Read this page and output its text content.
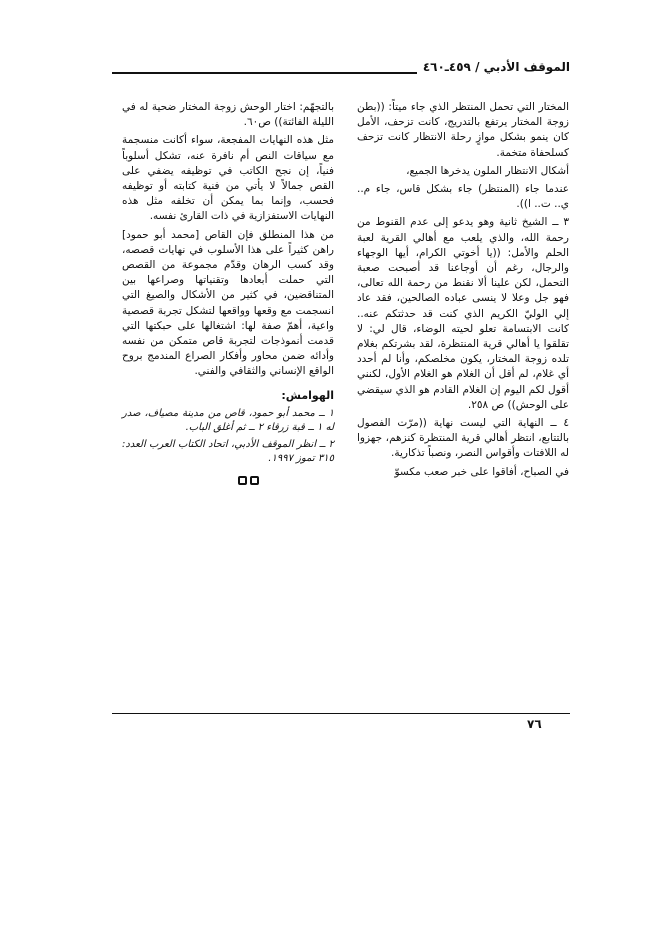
الموقف الأدبي / ٤٥٩ـ٤٦٠

المختار التي تحمل المنتظر الذي جاء ميتاً: ((بطن زوجة المختار يرتفع بالتدريج، كانت تزحف، الأمل كان ينمو بشكل موازٍ رحلة الانتظار كانت تزحف كسلحفاة متخمة.

أشكال الانتظار الملون يدخرها الجميع،

عندما جاء (المنتظر) جاء بشكل قاس، جاء م.. ي.. ت.. ا)).

٣ ــ الشيخ ثانية وهو يدعو إلى عدم القنوط من رحمة الله، والذي يلعب مع أهالي القرية لعبة الحلم والأمل: ((يا أخوتي الكرام، أيها الوجهاء والرجال، رغم أن أوجاعنا قد أصبحت صعبة التحمل، لكن علينا ألا نقنط من رحمة الله تعالى، فهو جل وعلا لا ينسى عباده الصالحين، فقد عاد إلي الوليّ الكريم الذي كنت قد حدثتكم عنه.. كانت الابتسامة تعلو لحيته الوضاء، قال لي: لا تقلقوا يا أهالي قرية المنتظرة، لقد بشرتكم بغلام تلده زوجة المختار، يكون مخلصكم، وأنا لم أحدد أي غلام، لم أقل أن الغلام هو الغلام الأول، لكنني أقول لكم اليوم إن الغلام القادم هو الذي سيقضي على الوحش)) ص ٢٥٨.

٤ ــ النهاية التي ليست نهاية ((مرّت الفصول بالتتابع، انتظر أهالي قرية المنتظرة كنزهم، جهزوا له اللافتات وأقواس النصر، ونصباً تذكارية.

في الصباح، أفاقوا على خبر صعب مكسوّ

بالتجهّم: اختار الوحش زوجة المختار ضحية له في الليلة الفائتة)) ص٦٠.

مثل هذه النهايات المفجعة، سواء أكانت منسجمة مع سياقات النص أم نافرة عنه، تشكل أسلوباً فنياً، إن نجح الكاتب في توظيفه يضفي على القص جمالاً لا يأتي من فنية كتابته أو توظيفه فحسب، وإنما بما يمكن أن تخلفه مثل هذه النهايات الاستفزازية في ذات القارئ نفسه.

من هذا المنطلق فإن القاص [محمد أبو حمود] راهن كثيراً على هذا الأسلوب في نهايات قصصه، وقد كسب الرهان وقدّم مجموعة من القصص التي حملت أبعادها وتقنياتها وصراعها بين المتناقضين، في كثير من الأشكال والصيغ التي انسجمت مع وقعها وواقعها لتشكل تجربة قصصية واعية، أهمّ صفة لها: اشتغالها على حبكتها التي قدمت أنموذجات لتجربة قاص متمكن من نفسه وأدائه ضمن محاور وأفكار الصراع المندمج بروح الواقع الإنساني والثقافي والفني.

الهوامش:

١ ــ محمد أبو حمود، قاص من مدينة مصياف، صدر له ١ ــ قبة زرقاء ٢ ــ ثم أغلق الباب.

٢ ــ انظر الموقف الأدبي، اتحاد الكتاب العرب العدد: ٣١٥ تموز ١٩٩٧.

٧٦
